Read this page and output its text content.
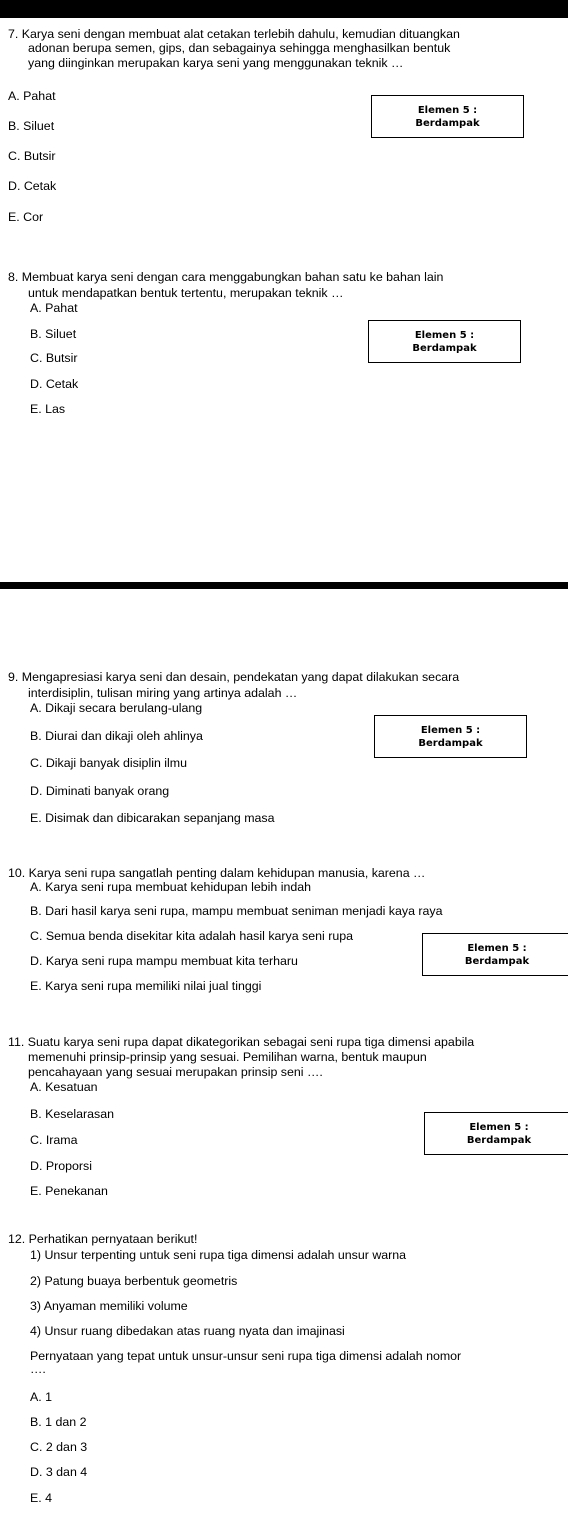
7. Karya seni dengan membuat alat cetakan terlebih dahulu, kemudian dituangkan
adonan berupa semen, gips, dan sebagainya sehingga menghasilkan bentuk
yang diinginkan merupakan karya seni yang menggunakan teknik …
A. Pahat
B. Siluet
C. Butsir
D. Cetak
E. Cor
Elemen 5 :
Berdampak
8. Membuat karya seni dengan cara menggabungkan bahan satu ke bahan lain
untuk mendapatkan bentuk tertentu, merupakan teknik …
A. Pahat
B. Siluet
C. Butsir
D. Cetak
E. Las
Elemen 5 :
Berdampak
9. Mengapresiasi karya seni dan desain, pendekatan yang dapat dilakukan secara
interdisiplin, tulisan miring yang artinya adalah …
A. Dikaji secara berulang-ulang
B. Diurai dan dikaji oleh ahlinya
C. Dikaji banyak disiplin ilmu
D. Diminati banyak orang
E. Disimak dan dibicarakan sepanjang masa
Elemen 5 :
Berdampak
10. Karya seni rupa sangatlah penting dalam kehidupan manusia, karena …
A. Karya seni rupa membuat kehidupan lebih indah
B. Dari hasil karya seni rupa, mampu membuat seniman menjadi kaya raya
C. Semua benda disekitar kita adalah hasil karya seni rupa
D. Karya seni rupa mampu membuat kita terharu
E. Karya seni rupa memiliki nilai jual tinggi
Elemen 5 :
Berdampak
11. Suatu karya seni rupa dapat dikategorikan sebagai seni rupa tiga dimensi apabila
memenuhi prinsip-prinsip yang sesuai. Pemilihan warna, bentuk maupun
pencahayaan yang sesuai merupakan prinsip seni ….
A. Kesatuan
B. Keselarasan
C. Irama
D. Proporsi
E. Penekanan
Elemen 5 :
Berdampak
12. Perhatikan pernyataan berikut!
1) Unsur terpenting untuk seni rupa tiga dimensi adalah unsur warna
2) Patung buaya berbentuk geometris
3) Anyaman memiliki volume
4) Unsur ruang dibedakan atas ruang nyata dan imajinasi
Pernyataan yang tepat untuk unsur-unsur seni rupa tiga dimensi adalah nomor
….
A. 1
B. 1 dan 2
C. 2 dan 3
D. 3 dan 4
E. 4
